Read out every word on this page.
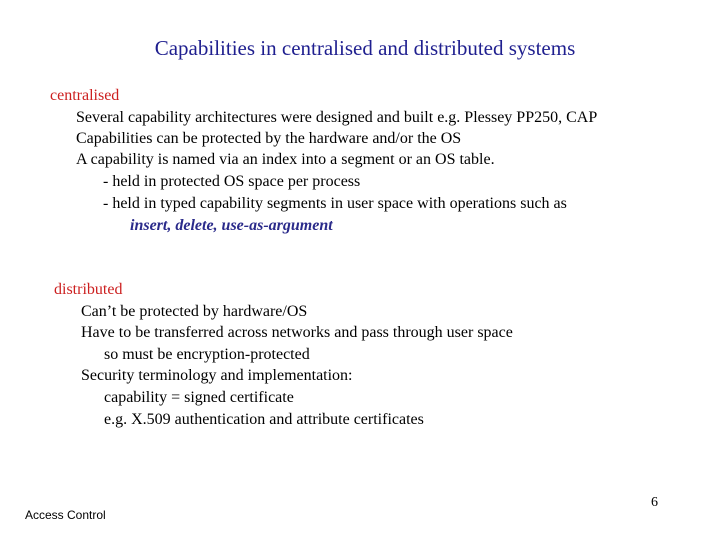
Capabilities in centralised and distributed systems
centralised
Several capability architectures were designed and built e.g. Plessey PP250, CAP
Capabilities can be protected by the hardware and/or the OS
A capability is named via an index into a segment or an OS table.
- held in protected OS space per process
- held in typed capability segments in user space with operations such as
insert, delete, use-as-argument
distributed
Can’t be protected by hardware/OS
Have to be transferred across networks and pass through user space
so must be encryption-protected
Security terminology and implementation:
capability = signed certificate
e.g. X.509 authentication and attribute certificates
Access Control
6
